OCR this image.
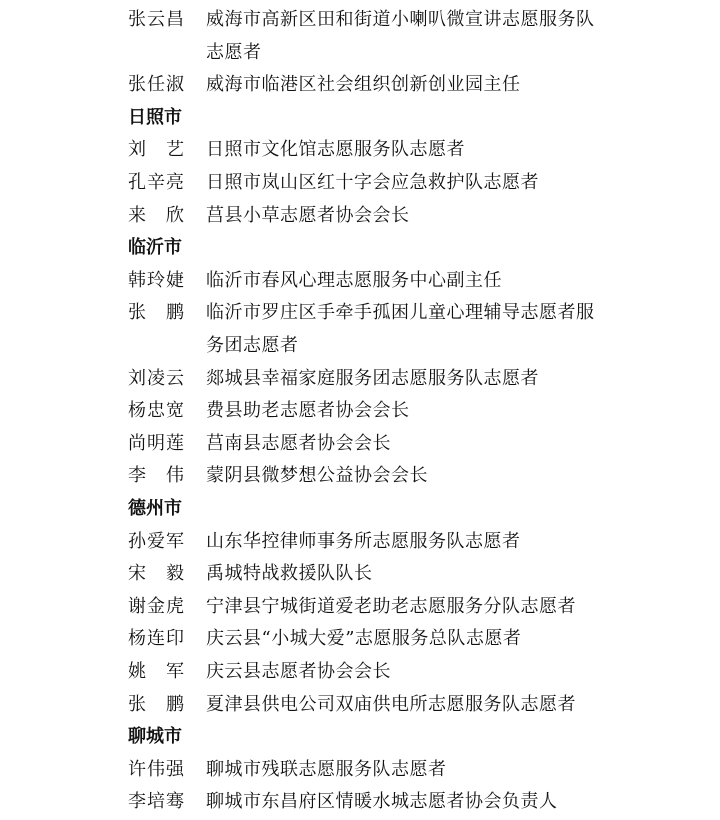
张云昌	威海市高新区田和街道小喇叭微宣讲志愿服务队
志愿者
张任淑	威海市临港区社会组织创新创业园主任
日照市
刘　艺	日照市文化馆志愿服务队志愿者
孔辛亮	日照市岚山区红十字会应急救护队志愿者
来　欣	莒县小草志愿者协会会长
临沂市
韩玲婕	临沂市春风心理志愿服务中心副主任
张　鹏	临沂市罗庄区手牵手孤困儿童心理辅导志愿者服
务团志愿者
刘凌云	郯城县幸福家庭服务团志愿服务队志愿者
杨忠宽	费县助老志愿者协会会长
尚明莲	莒南县志愿者协会会长
李　伟	蒙阴县微梦想公益协会会长
德州市
孙爱军	山东华控律师事务所志愿服务队志愿者
宋　毅	禹城特战救援队队长
谢金虎	宁津县宁城街道爱老助老志愿服务分队志愿者
杨连印	庆云县“小城大爱”志愿服务总队志愿者
姚　军	庆云县志愿者协会会长
张　鹏	夏津县供电公司双庙供电所志愿服务队志愿者
聊城市
许伟强	聊城市残联志愿服务队志愿者
李培骞	聊城市东昌府区情暖水城志愿者协会负责人
